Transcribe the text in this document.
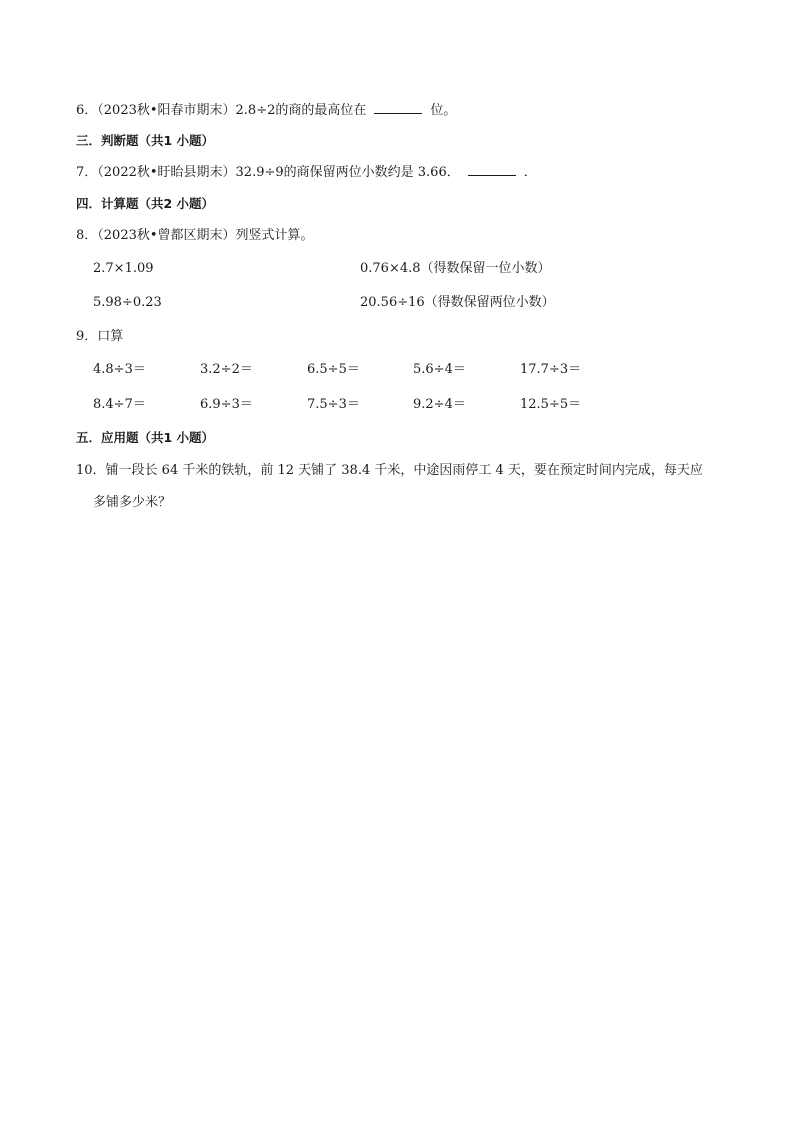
6．（2023秋•阳春市期末）2.8÷2的商的最高位在	位。
三．判断题（共1 小题）
7．（2022秋•盱眙县期末）32.9÷9的商保留两位小数约是 3.66．	．
四．计算题（共2 小题）
8．（2023秋•曾都区期末）列竖式计算。
2.7×1.09	0.76×4.8（得数保留一位小数）
5.98÷0.23	20.56÷16（得数保留两位小数）
9．口算
4.8÷3＝	3.2÷2＝	6.5÷5＝	5.6÷4＝	17.7÷3＝
8.4÷7＝	6.9÷3＝	7.5÷3＝	9.2÷4＝	12.5÷5＝
五．应用题（共1 小题）
10．铺一段长 64 千米的铁轨，前 12 天铺了 38.4 千米，中途因雨停工 4 天，要在预定时间内完成，每天应
多铺多少米？
